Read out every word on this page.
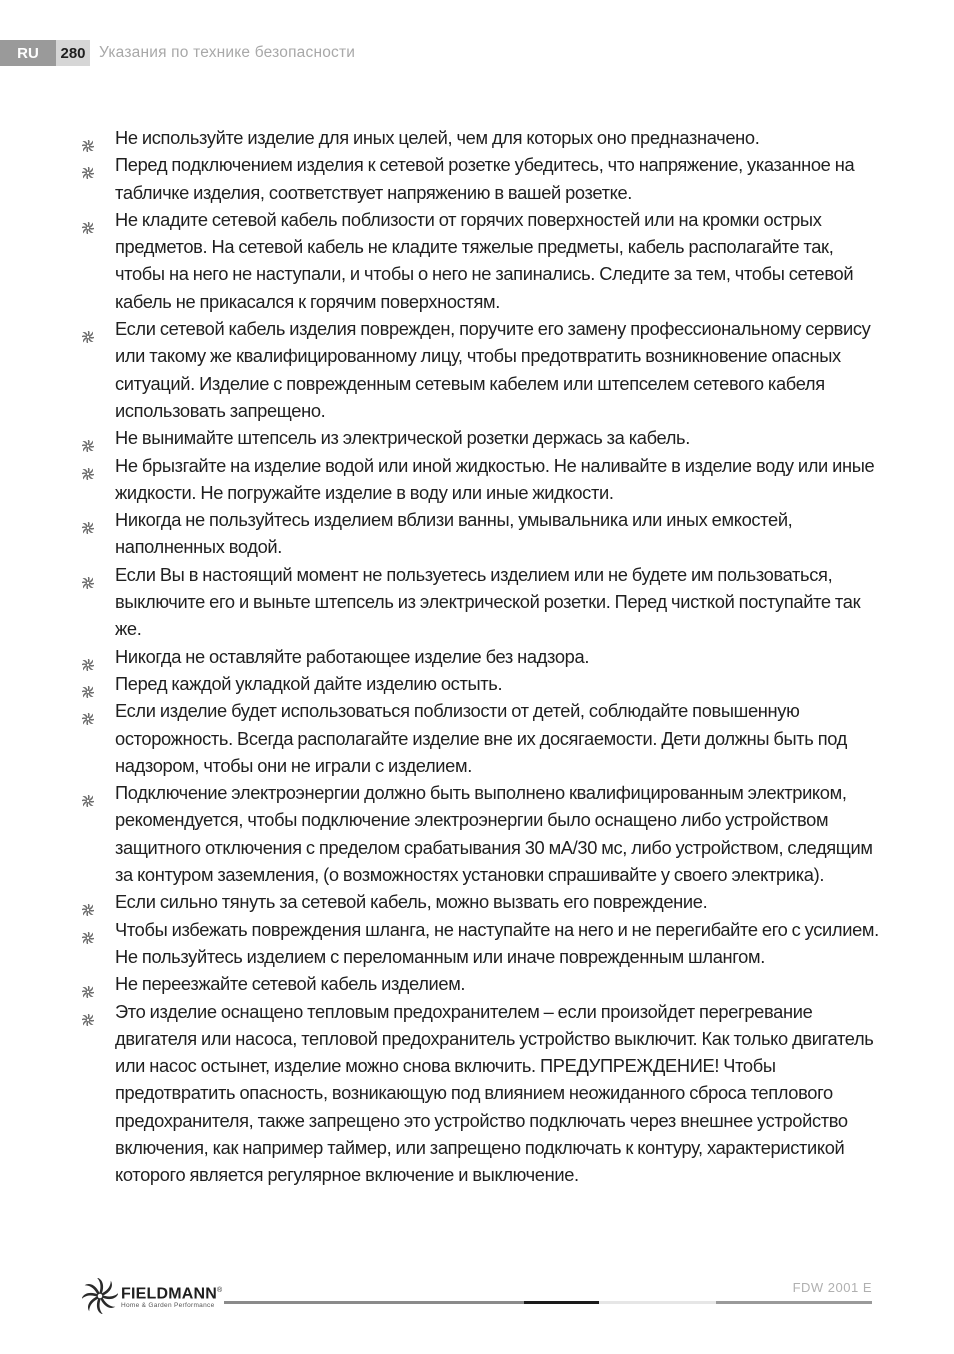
RU	280 Указания по технике безопасности
Не используйте изделие для иных целей, чем для которых оно предназначено.
Перед подключением изделия к сетевой розетке убедитесь, что напряжение, указанное на табличке изделия, соответствует напряжению в вашей розетке.
Не кладите сетевой кабель поблизости от горячих поверхностей или на кромки острых предметов. На сетевой кабель не кладите тяжелые предметы, кабель располагайте так, чтобы на него не наступали, и чтобы о него не запинались. Следите за тем, чтобы сетевой кабель не прикасался к горячим поверхностям.
Если сетевой кабель изделия поврежден, поручите его замену профессиональному сервису или такому же квалифицированному лицу, чтобы предотвратить возникновение опасных ситуаций. Изделие с поврежденным сетевым кабелем или штепселем сетевого кабеля использовать запрещено.
Не вынимайте штепсель из электрической розетки держась за кабель.
Не брызгайте на изделие водой или иной жидкостью. Не наливайте в изделие воду или иные жидкости. Не погружайте изделие в воду или иные жидкости.
Никогда не пользуйтесь изделием вблизи ванны, умывальника или иных емкостей, наполненных водой.
Если Вы в настоящий момент не пользуетесь изделием или не будете им пользоваться, выключите его и выньте штепсель из электрической розетки. Перед чисткой поступайте так же.
Никогда не оставляйте работающее изделие без надзора.
Перед каждой укладкой дайте изделию остыть.
Если изделие будет использоваться поблизости от детей, соблюдайте повышенную осторожность. Всегда располагайте изделие вне их досягаемости. Дети должны быть под надзором, чтобы они не играли с изделием.
Подключение электроэнергии должно быть выполнено квалифицированным электриком, рекомендуется, чтобы подключение электроэнергии было оснащено либо устройством защитного отключения с пределом срабатывания 30 мА/30 мс, либо устройством, следящим за контуром заземления, (о возможностях установки спрашивайте у своего электрика).
Если сильно тянуть за сетевой кабель, можно вызвать его повреждение.
Чтобы избежать повреждения шланга, не наступайте на него и не перегибайте его с усилием. Не пользуйтесь изделием с переломанным или иначе поврежденным шлангом.
Не переезжайте сетевой кабель изделием.
Это изделие оснащено тепловым предохранителем – если произойдет перегревание двигателя или насоса, тепловой предохранитель устройство выключит. Как только двигатель или насос остынет, изделие можно снова включить. ПРЕДУПРЕЖДЕНИЕ! Чтобы предотвратить опасность, возникающую под влиянием неожиданного сброса теплового предохранителя, также запрещено это устройство подключать через внешнее устройство включения, как например таймер, или запрещено подключать к контуру, характеристикой которого является регулярное включение и выключение.
FIELDMANN®
Home & Garden Performance
FDW 2001 E
